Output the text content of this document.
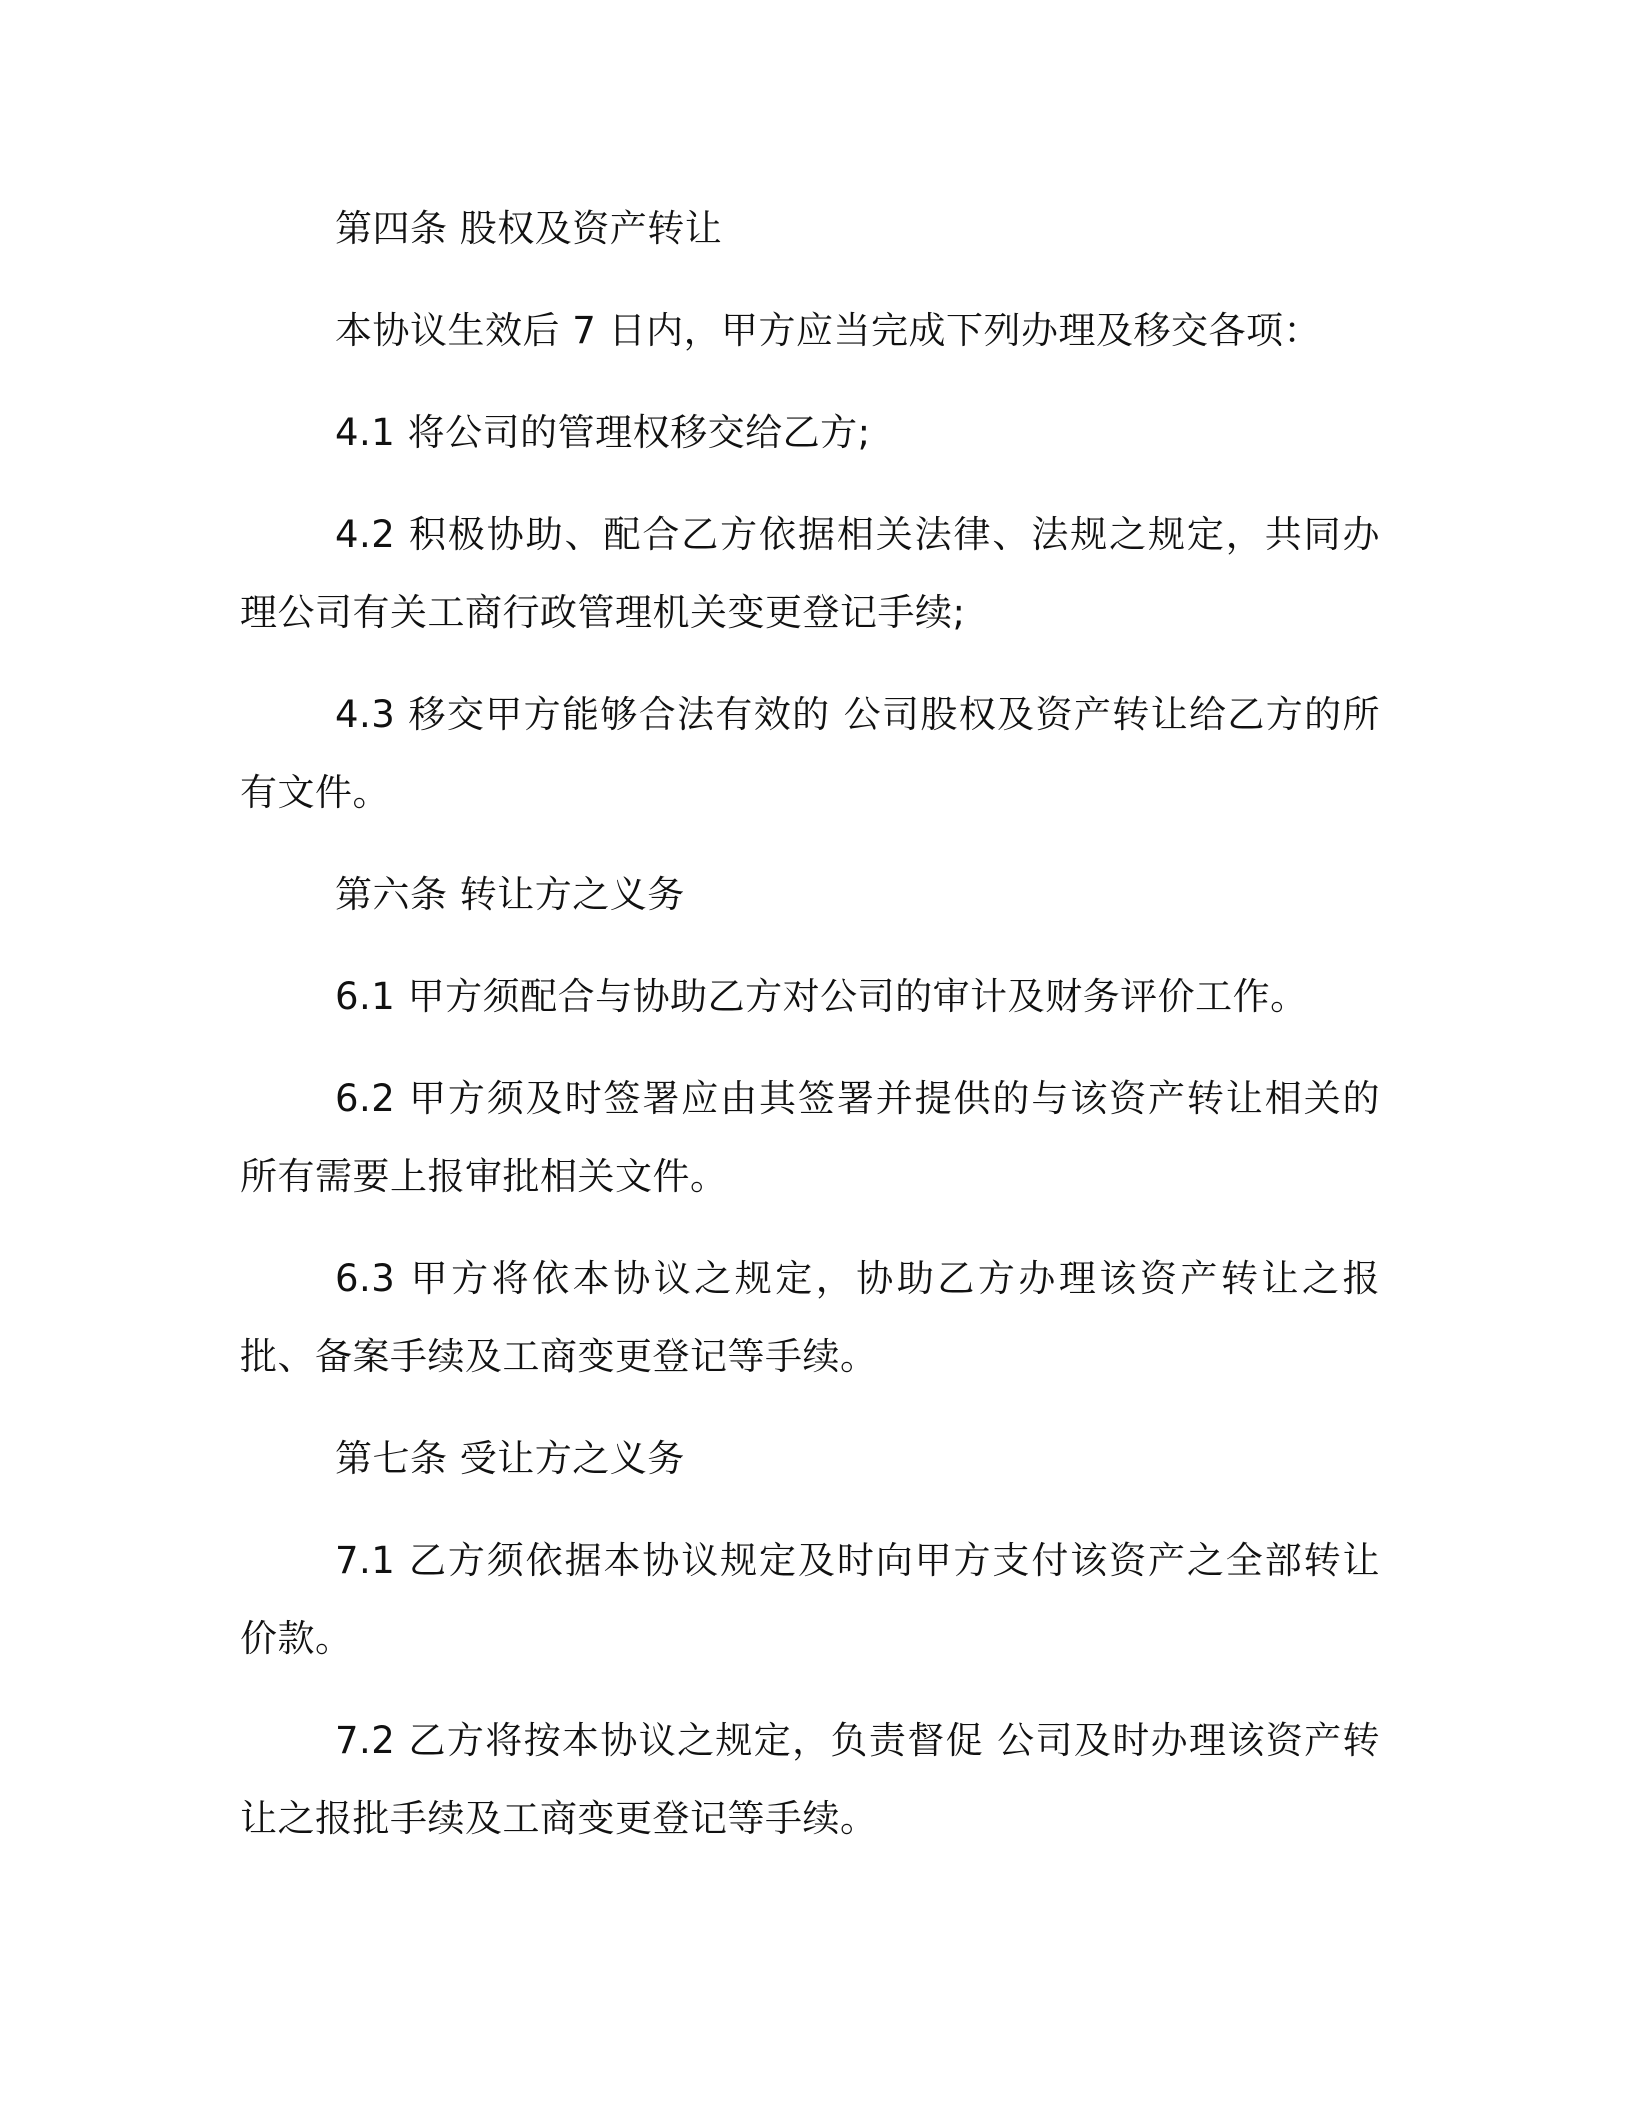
第四条 股权及资产转让

本协议生效后 7 日内，甲方应当完成下列办理及移交各项：

4.1 将公司的管理权移交给乙方;

4.2 积极协助、配合乙方依据相关法律、法规之规定，共同办理公司有关工商行政管理机关变更登记手续;

4.3 移交甲方能够合法有效的 公司股权及资产转让给乙方的所有文件。

第六条 转让方之义务

6.1 甲方须配合与协助乙方对公司的审计及财务评价工作。

6.2 甲方须及时签署应由其签署并提供的与该资产转让相关的所有需要上报审批相关文件。

6.3 甲方将依本协议之规定，协助乙方办理该资产转让之报批、备案手续及工商变更登记等手续。

第七条 受让方之义务

7.1 乙方须依据本协议规定及时向甲方支付该资产之全部转让价款。

7.2 乙方将按本协议之规定，负责督促 公司及时办理该资产转让之报批手续及工商变更登记等手续。
